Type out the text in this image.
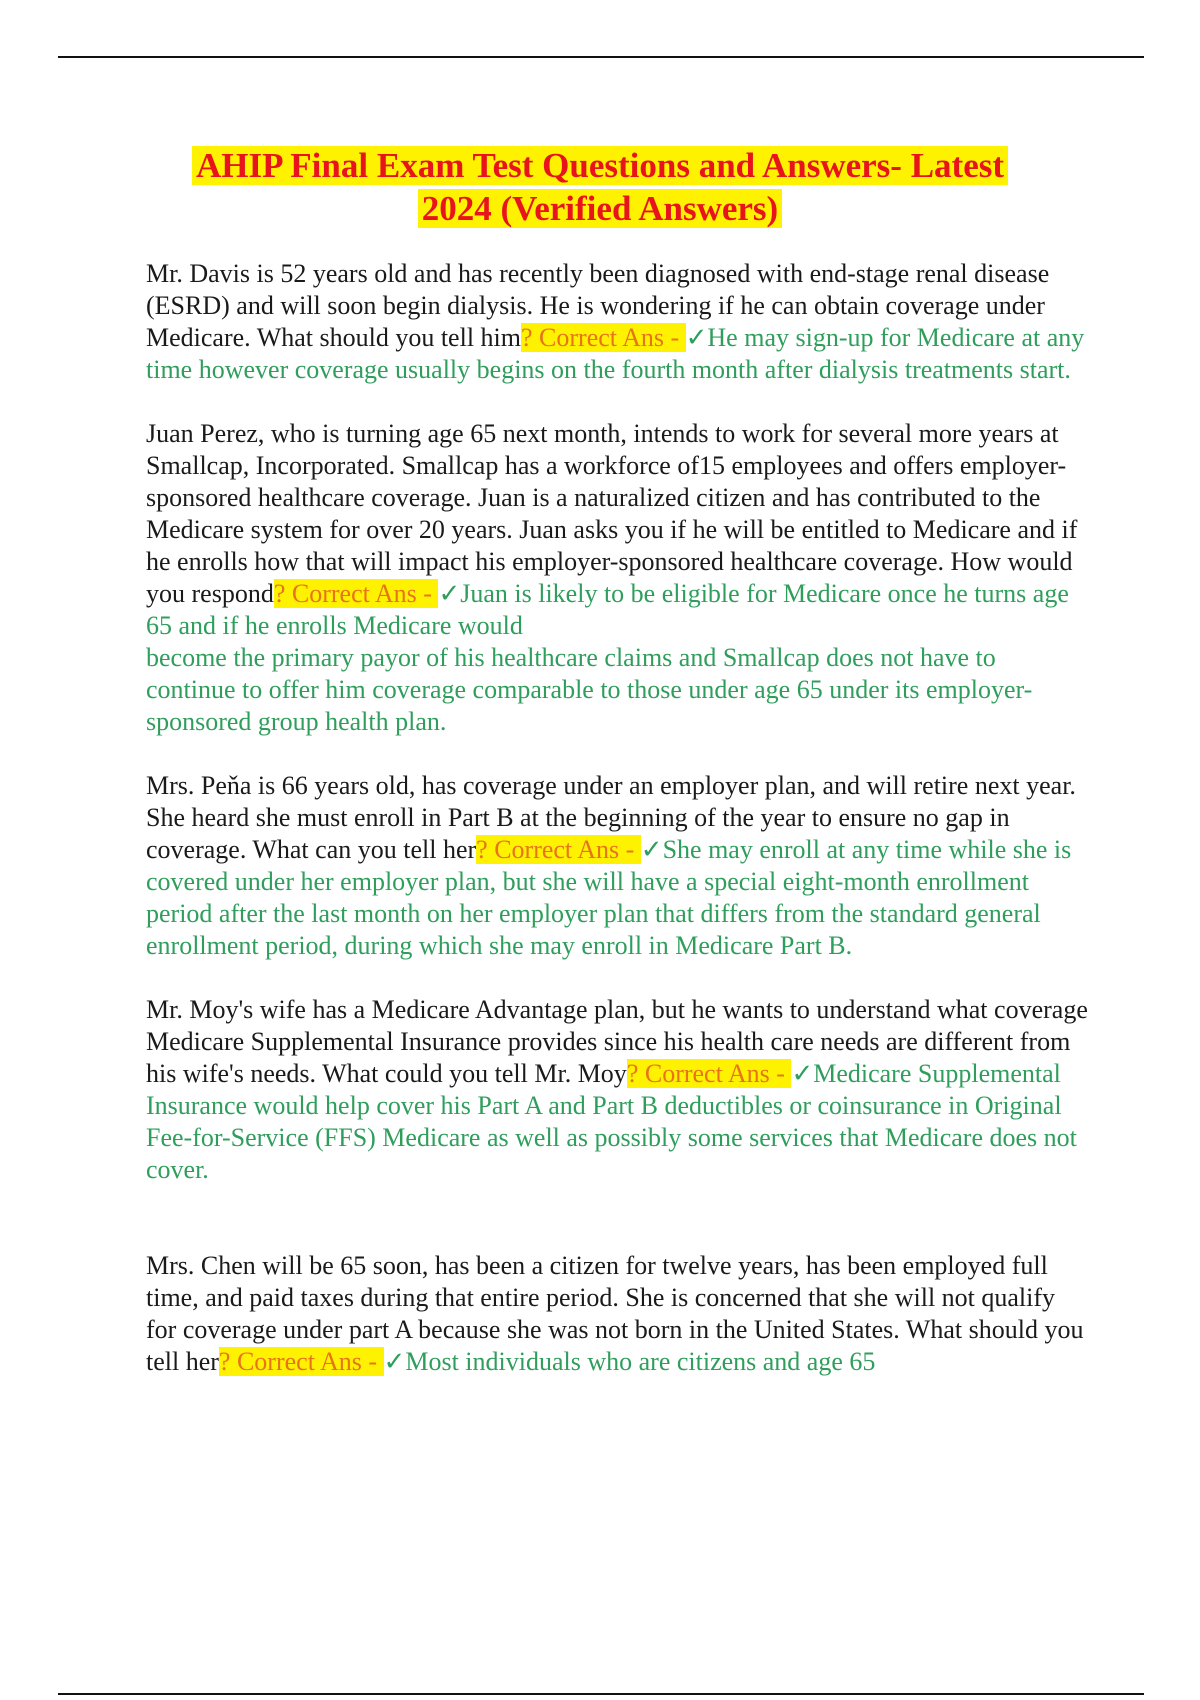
AHIP Final Exam Test Questions and Answers- Latest
2024 (Verified Answers)

Mr. Davis is 52 years old and has recently been diagnosed with end-stage renal disease (ESRD) and will soon begin dialysis. He is wondering if he can obtain coverage under Medicare. What should you tell him? Correct Ans - ✓He may sign-up for Medicare at any time however coverage usually begins on the fourth month after dialysis treatments start.

Juan Perez, who is turning age 65 next month, intends to work for several more years at Smallcap, Incorporated. Smallcap has a workforce of15 employees and offers employer-sponsored healthcare coverage. Juan is a naturalized citizen and has contributed to the Medicare system for over 20 years. Juan asks you if he will be entitled to Medicare and if he enrolls how that will impact his employer-sponsored healthcare coverage. How would you respond? Correct Ans - ✓Juan is likely to be eligible for Medicare once he turns age 65 and if he enrolls Medicare would
become the primary payor of his healthcare claims and Smallcap does not have to continue to offer him coverage comparable to those under age 65 under its employer-sponsored group health plan.

Mrs. Peňa is 66 years old, has coverage under an employer plan, and will retire next year. She heard she must enroll in Part B at the beginning of the year to ensure no gap in coverage. What can you tell her? Correct Ans - ✓She may enroll at any time while she is covered under her employer plan, but she will have a special eight-month enrollment period after the last month on her employer plan that differs from the standard general enrollment period, during which she may enroll in Medicare Part B.

Mr. Moy's wife has a Medicare Advantage plan, but he wants to understand what coverage Medicare Supplemental Insurance provides since his health care needs are different from his wife's needs. What could you tell Mr. Moy? Correct Ans - ✓Medicare Supplemental Insurance would help cover his Part A and Part B deductibles or coinsurance in Original Fee-for-Service (FFS) Medicare as well as possibly some services that Medicare does not cover.

Mrs. Chen will be 65 soon, has been a citizen for twelve years, has been employed full time, and paid taxes during that entire period. She is concerned that she will not qualify for coverage under part A because she was not born in the United States. What should you tell her? Correct Ans - ✓Most individuals who are citizens and age 65
